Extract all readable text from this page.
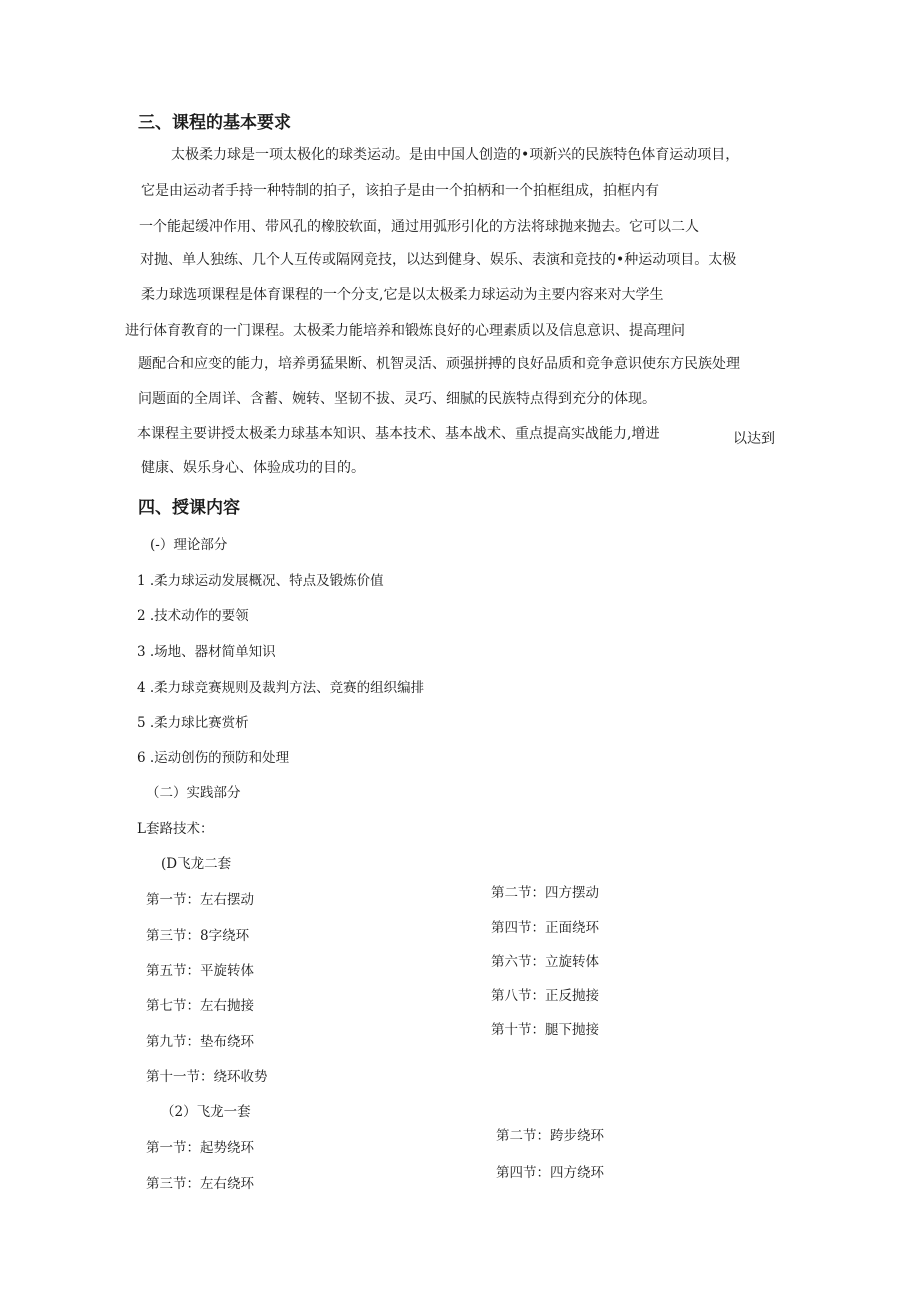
三、课程的基本要求
太极柔力球是一项太极化的球类运动。是由中国人创造的•项新兴的民族特色体育运动项目，
它是由运动者手持一种特制的拍子，该拍子是由一个拍柄和一个拍框组成，拍框内有
一个能起缓冲作用、带风孔的橡胶软面，通过用弧形引化的方法将球抛来抛去。它可以二人
对抛、单人独练、几个人互传或隔网竞技，以达到健身、娱乐、表演和竞技的•种运动项目。太极
柔力球选项课程是体育课程的一个分支,它是以太极柔力球运动为主要内容来对大学生
进行体育教育的一门课程。太极柔力能培养和锻炼良好的心理素质以及信息意识、提高理问
题配合和应变的能力，培养勇猛果断、机智灵活、顽强拼搏的良好品质和竞争意识使东方民族处理
问题面的全周详、含蓄、婉转、坚韧不拔、灵巧、细腻的民族特点得到充分的体现。
本课程主要讲授太极柔力球基本知识、基本技术、基本战术、重点提高实战能力,增进	以达到
健康、娱乐身心、体验成功的目的。
四、授课内容
(-）理论部分
1 .柔力球运动发展概况、特点及锻炼价值
2 .技术动作的要领
3 .场地、器材简单知识
4 .柔力球竞赛规则及裁判方法、竞赛的组织编排
5 .柔力球比赛赏析
6 .运动创伤的预防和处理
（二）实践部分
L套路技术：
(D飞龙二套
第一节：左右摆动
第三节：8字绕环
第五节：平旋转体
第七节：左右抛接
第九节：垫布绕环
第十一节：绕环收势
第二节：四方摆动
第四节：正面绕环
第六节：立旋转体
第八节：正反抛接
第十节：腿下抛接
（2）飞龙一套
第一节：起势绕环
第三节：左右绕环
第二节：跨步绕环
第四节：四方绕环
